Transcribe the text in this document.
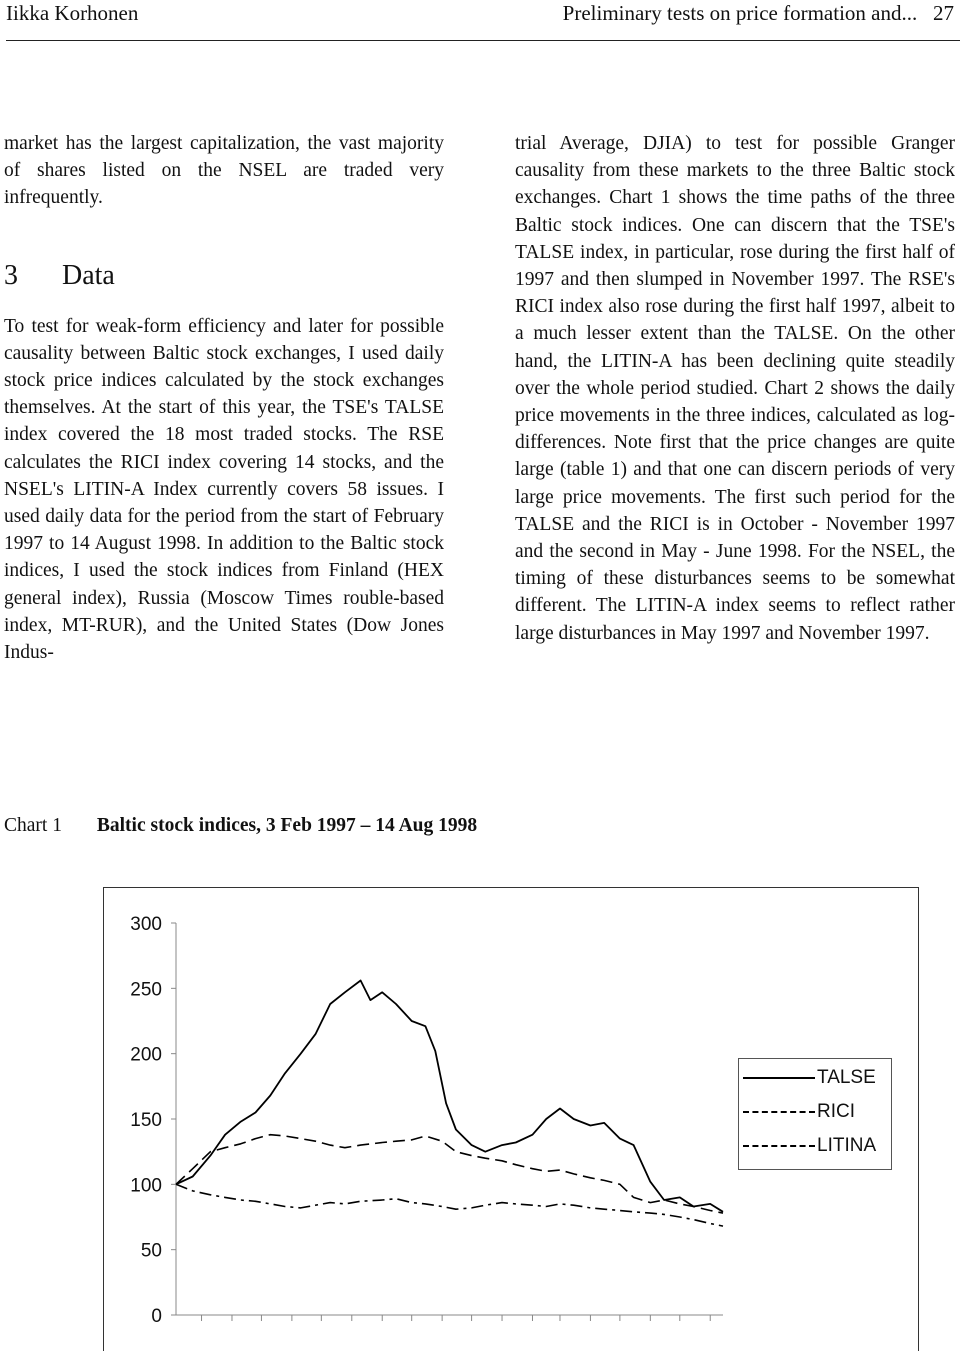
Iikka Korhonen	Preliminary tests on price formation and... 27

market has the largest capitalization, the vast majority of shares listed on the NSEL are traded very infrequently.

3 Data

To test for weak-form efficiency and later for possible causality between Baltic stock exchanges, I used daily stock price indices calculated by the stock exchanges themselves. At the start of this year, the TSE's TALSE index covered the 18 most traded stocks. The RSE calculates the RICI index covering 14 stocks, and the NSEL's LITIN-A Index currently covers 58 issues. I used daily data for the period from the start of February 1997 to 14 August 1998. In addition to the Baltic stock indices, I used the stock indices from Finland (HEX general index), Russia (Moscow Times rouble-based index, MT-RUR), and the United States (Dow Jones Indus-

trial Average, DJIA) to test for possible Granger causality from these markets to the three Baltic stock exchanges. Chart 1 shows the time paths of the three Baltic stock indices. One can discern that the TSE's TALSE index, in particular, rose during the first half of 1997 and then slumped in November 1997. The RSE's RICI index also rose during the first half 1997, albeit to a much lesser extent than the TALSE. On the other hand, the LITIN-A has been declining quite steadily over the whole period studied. Chart 2 shows the daily price movements in the three indices, calculated as log-differences. Note first that the price changes are quite large (table 1) and that one can discern periods of very large price movements. The first such period for the TALSE and the RICI is in October - November 1997 and the second in May - June 1998. For the NSEL, the timing of these disturbances seems to be somewhat different. The LITIN-A index seems to reflect rather large disturbances in May 1997 and November 1997.

Chart 1 Baltic stock indices, 3 Feb 1997 – 14 Aug 1998
0
50
100
150
200
250
300
TALSE
RICI
LITINA
